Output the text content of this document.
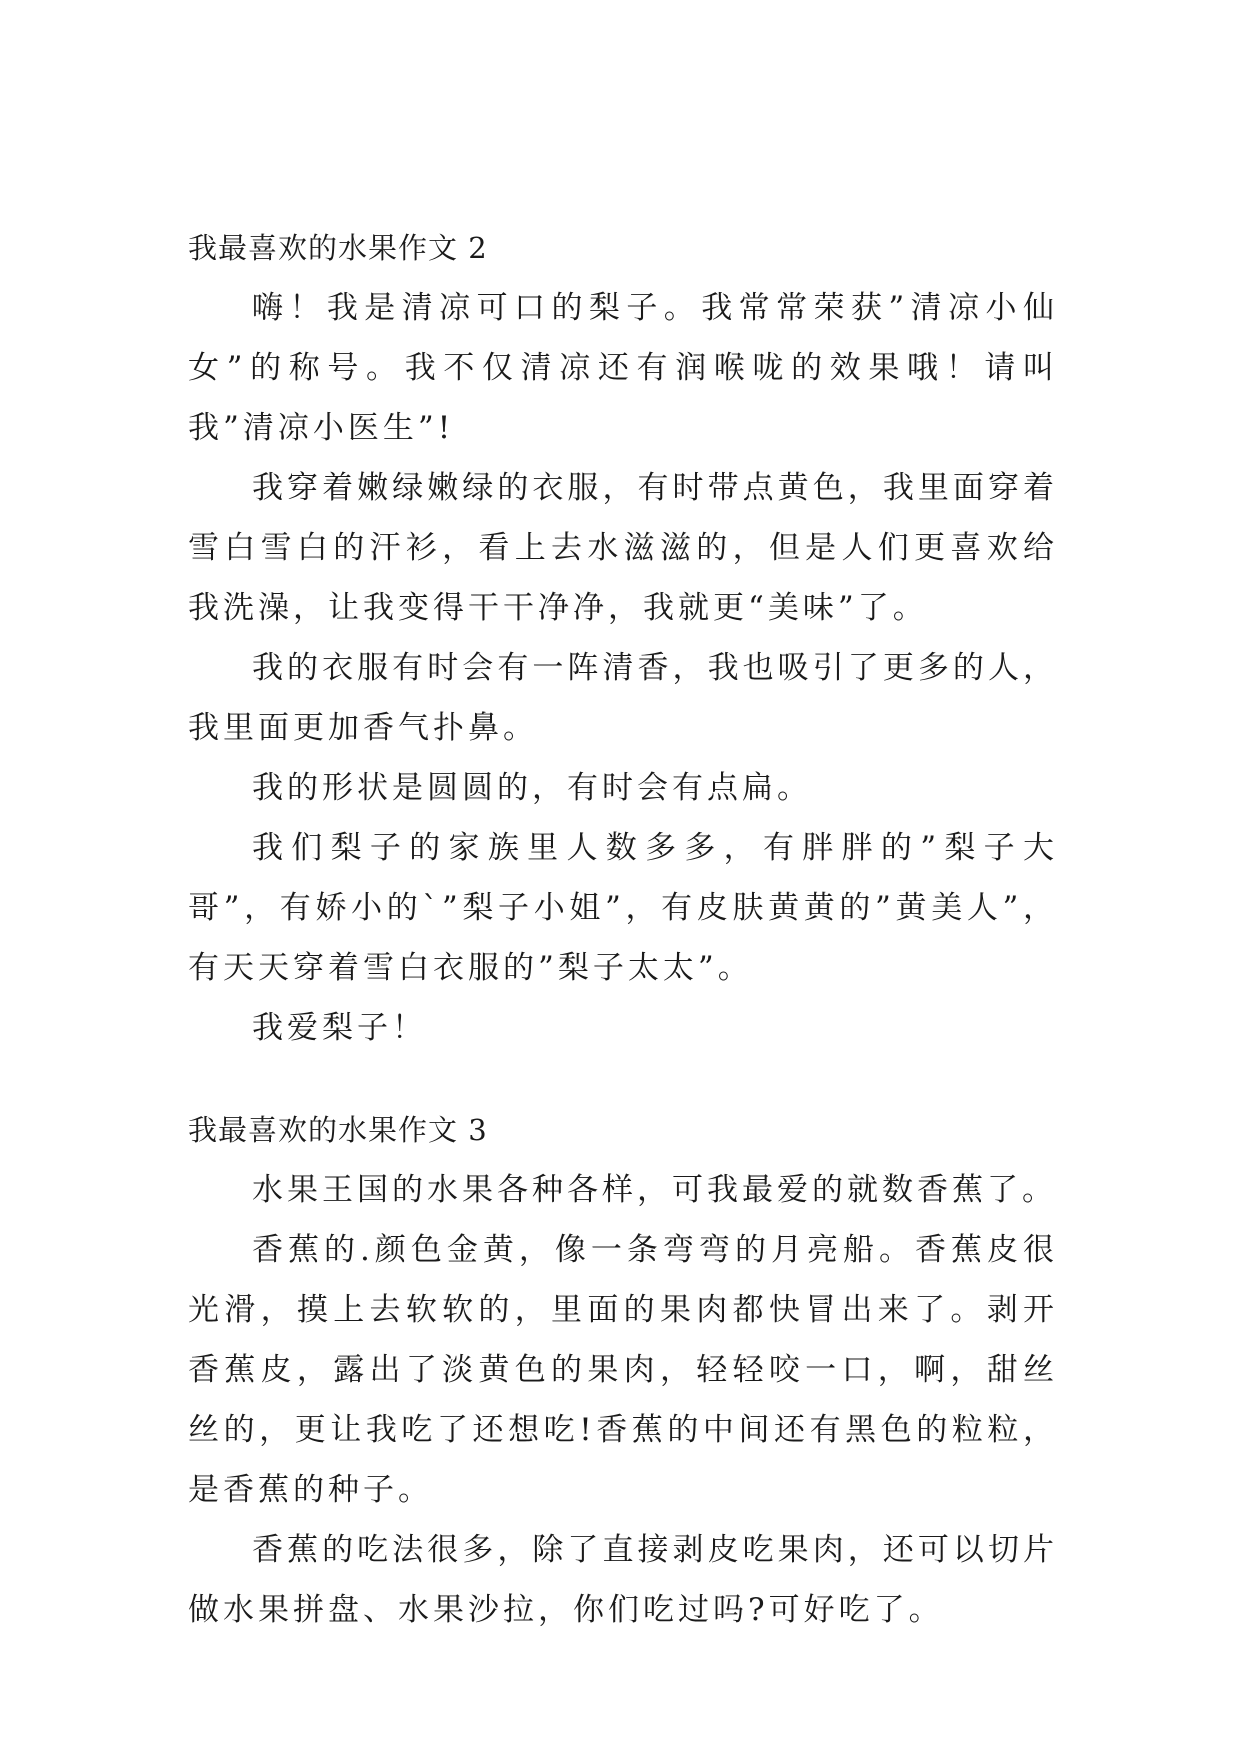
我最喜欢的水果作文 2

嗨！我是清凉可口的梨子。我常常荣获”清凉小仙女”的称号。我不仅清凉还有润喉咙的效果哦！请叫我”清凉小医生”!

我穿着嫩绿嫩绿的衣服，有时带点黄色，我里面穿着雪白雪白的汗衫，看上去水滋滋的，但是人们更喜欢给我洗澡，让我变得干干净净，我就更“美味”了。

我的衣服有时会有一阵清香，我也吸引了更多的人，我里面更加香气扑鼻。

我的形状是圆圆的，有时会有点扁。

我们梨子的家族里人数多多，有胖胖的”梨子大哥”，有娇小的`”梨子小姐”，有皮肤黄黄的”黄美人”，有天天穿着雪白衣服的”梨子太太”。

我爱梨子！

我最喜欢的水果作文 3

水果王国的水果各种各样，可我最爱的就数香蕉了。

香蕉的.颜色金黄，像一条弯弯的月亮船。香蕉皮很光滑，摸上去软软的，里面的果肉都快冒出来了。剥开香蕉皮，露出了淡黄色的果肉，轻轻咬一口，啊，甜丝丝的，更让我吃了还想吃!香蕉的中间还有黑色的粒粒，是香蕉的种子。

香蕉的吃法很多，除了直接剥皮吃果肉，还可以切片做水果拼盘、水果沙拉，你们吃过吗?可好吃了。
